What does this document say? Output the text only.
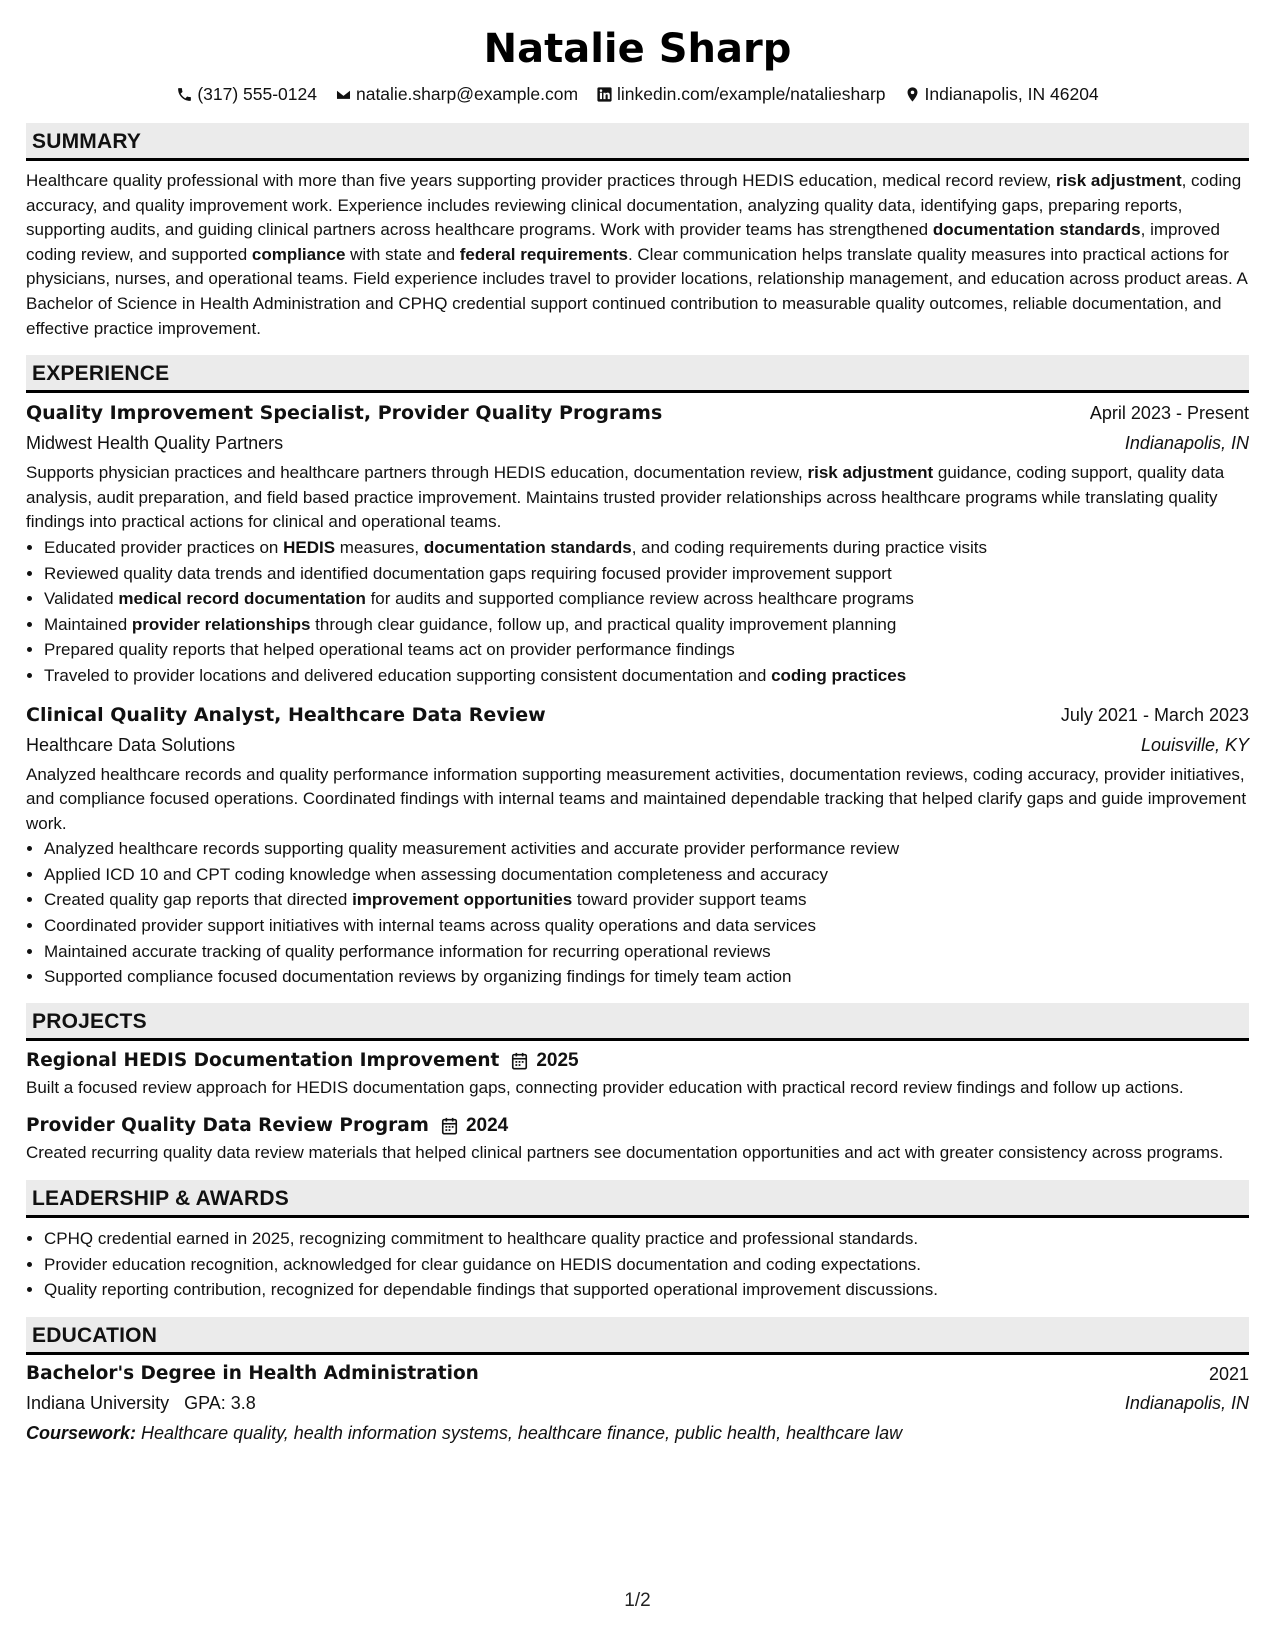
Natalie Sharp
(317) 555-0124 natalie.sharp@example.com linkedin.com/example/nataliesharp Indianapolis, IN 46204
SUMMARY

Healthcare quality professional with more than five years supporting provider practices through HEDIS education, medical record review, risk adjustment, coding accuracy, and quality improvement work. Experience includes reviewing clinical documentation, analyzing quality data, identifying gaps, preparing reports, supporting audits, and guiding clinical partners across healthcare programs. Work with provider teams has strengthened documentation standards, improved coding review, and supported compliance with state and federal requirements. Clear communication helps translate quality measures into practical actions for physicians, nurses, and operational teams. Field experience includes travel to provider locations, relationship management, and education across product areas. A Bachelor of Science in Health Administration and CPHQ credential support continued contribution to measurable quality outcomes, reliable documentation, and effective practice improvement.

EXPERIENCE
Quality Improvement Specialist, Provider Quality Programs	April 2023 - Present
Midwest Health Quality Partners	Indianapolis, IN

Supports physician practices and healthcare partners through HEDIS education, documentation review, risk adjustment guidance, coding support, quality data analysis, audit preparation, and field based practice improvement. Maintains trusted provider relationships across healthcare programs while translating quality findings into practical actions for clinical and operational teams.

• Educated provider practices on HEDIS measures, documentation standards, and coding requirements during practice visits
• Reviewed quality data trends and identified documentation gaps requiring focused provider improvement support
• Validated medical record documentation for audits and supported compliance review across healthcare programs
• Maintained provider relationships through clear guidance, follow up, and practical quality improvement planning
• Prepared quality reports that helped operational teams act on provider performance findings
• Traveled to provider locations and delivered education supporting consistent documentation and coding practices
Clinical Quality Analyst, Healthcare Data Review	July 2021 - March 2023
Healthcare Data Solutions	Louisville, KY

Analyzed healthcare records and quality performance information supporting measurement activities, documentation reviews, coding accuracy, provider initiatives, and compliance focused operations. Coordinated findings with internal teams and maintained dependable tracking that helped clarify gaps and guide improvement work.

• Analyzed healthcare records supporting quality measurement activities and accurate provider performance review
• Applied ICD 10 and CPT coding knowledge when assessing documentation completeness and accuracy
• Created quality gap reports that directed improvement opportunities toward provider support teams
• Coordinated provider support initiatives with internal teams across quality operations and data services
• Maintained accurate tracking of quality performance information for recurring operational reviews
• Supported compliance focused documentation reviews by organizing findings for timely team action
PROJECTS
Regional HEDIS Documentation Improvement 2025

Built a focused review approach for HEDIS documentation gaps, connecting provider education with practical record review findings and follow up actions.

Provider Quality Data Review Program 2024

Created recurring quality data review materials that helped clinical partners see documentation opportunities and act with greater consistency across programs.

LEADERSHIP & AWARDS
• CPHQ credential earned in 2025, recognizing commitment to healthcare quality practice and professional standards.
• Provider education recognition, acknowledged for clear guidance on HEDIS documentation and coding expectations.
• Quality reporting contribution, recognized for dependable findings that supported operational improvement discussions.
EDUCATION
Bachelor's Degree in Health Administration	2021
Indiana University GPA: 3.8	Indianapolis, IN
Coursework: Healthcare quality, health information systems, healthcare finance, public health, healthcare law
1/2
